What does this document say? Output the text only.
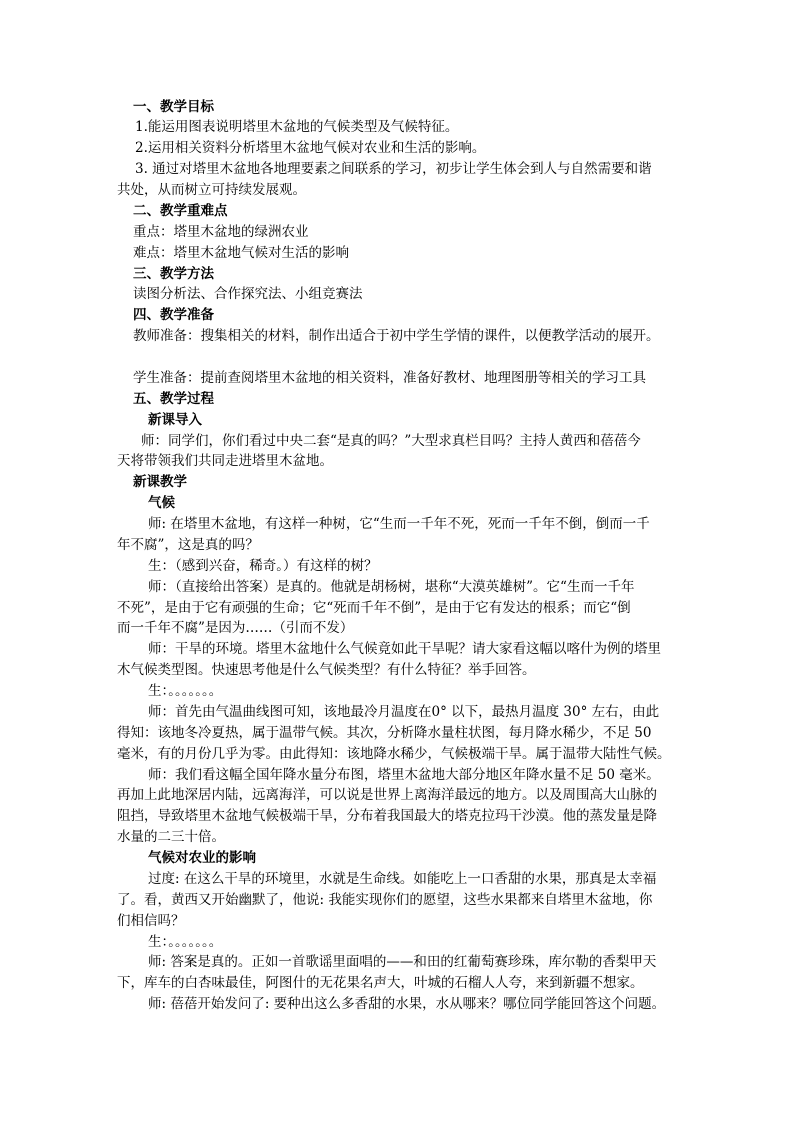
一、教学目标
1.能运用图表说明塔里木盆地的气候类型及气候特征。
2.运用相关资料分析塔里木盆地气候对农业和生活的影响。
3. 通过对塔里木盆地各地理要素之间联系的学习，初步让学生体会到人与自然需要和谐
共处，从而树立可持续发展观。
二、教学重难点
重点：塔里木盆地的绿洲农业
难点：塔里木盆地气候对生活的影响
三、教学方法
读图分析法、合作探究法、小组竞赛法
四、教学准备
教师准备：搜集相关的材料，制作出适合于初中学生学情的课件，以便教学活动的展开。
学生准备：提前查阅塔里木盆地的相关资料，准备好教材、地理图册等相关的学习工具
五、教学过程
新课导入
师：同学们，你们看过中央二套“是真的吗？”大型求真栏目吗？主持人黄西和蓓蓓今
天将带领我们共同走进塔里木盆地。
新课教学
气候
师: 在塔里木盆地，有这样一种树，它“生而一千年不死，死而一千年不倒，倒而一千
年不腐”，这是真的吗？
生：（感到兴奋，稀奇。）有这样的树？
师：（直接给出答案）是真的。他就是胡杨树，堪称“大漠英雄树”。它“生而一千年
不死”，是由于它有顽强的生命；它“死而千年不倒”，是由于它有发达的根系；而它“倒
而一千年不腐”是因为……（引而不发）
师：干旱的环境。塔里木盆地什么气候竟如此干旱呢？请大家看这幅以喀什为例的塔里
木气候类型图。快速思考他是什么气候类型？有什么特征？举手回答。
生：。。。。。。。
师：首先由气温曲线图可知，该地最冷月温度在0° 以下，最热月温度 30° 左右，由此
得知：该地冬冷夏热，属于温带气候。其次，分析降水量柱状图，每月降水稀少，不足 50
毫米，有的月份几乎为零。由此得知：该地降水稀少，气候极端干旱。属于温带大陆性气候。
师：我们看这幅全国年降水量分布图，塔里木盆地大部分地区年降水量不足 50 毫米。
再加上此地深居内陆，远离海洋，可以说是世界上离海洋最远的地方。以及周围高大山脉的
阻挡，导致塔里木盆地气候极端干旱，分布着我国最大的塔克拉玛干沙漠。他的蒸发量是降
水量的二三十倍。
气候对农业的影响
过度: 在这么干旱的环境里，水就是生命线。如能吃上一口香甜的水果，那真是太幸福
了。看，黄西又开始幽默了，他说: 我能实现你们的愿望，这些水果都来自塔里木盆地，你
们相信吗？
生：。。。。。。。
师: 答案是真的。正如一首歌谣里面唱的——和田的红葡萄赛珍珠，库尔勒的香梨甲天
下，库车的白杏味最佳，阿图什的无花果名声大，叶城的石榴人人夸，来到新疆不想家。
师: 蓓蓓开始发问了: 要种出这么多香甜的水果，水从哪来？哪位同学能回答这个问题。
